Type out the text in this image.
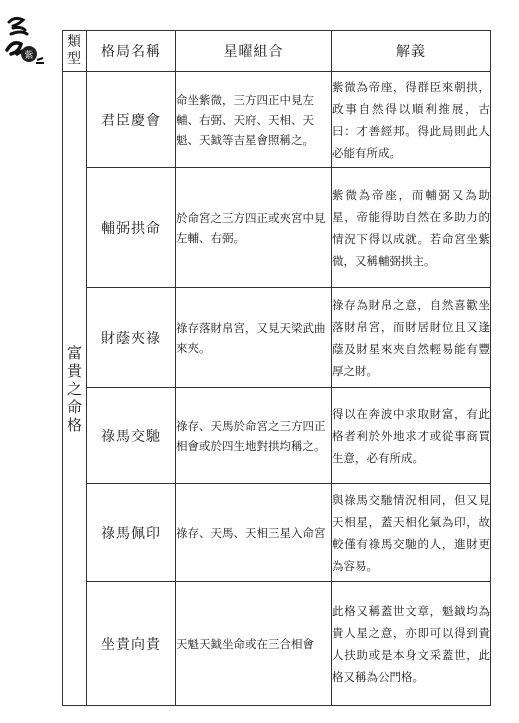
紫
類型	格局名稱	星曜組合	解義
富貴之命格	君臣慶會	命坐紫微，三方四正中見左輔、右弼、天府、天相、天魁、天鉞等吉星會照稱之。	紫微為帝座，得群臣來朝拱，政事自然得以順利推展，古曰：才善經邦。得此局則此人必能有所成。
	輔弼拱命	於命宮之三方四正或夾宮中見左輔、右弼。	紫微為帝座，而輔弼又為助星，帝能得助自然在多助力的情況下得以成就。若命宮坐紫微，又稱輔弼拱主。
	財蔭夾祿	祿存落財帛宮，又見天梁武曲來夾。	祿存為財帛之意，自然喜歡坐落財帛宮，而財居財位且又逢蔭及財星來夾自然輕易能有豐厚之財。
	祿馬交馳	祿存、天馬於命宮之三方四正相會或於四生地對拱均稱之。	得以在奔波中求取財富，有此格者利於外地求才或從事商買生意，必有所成。
	祿馬佩印	祿存、天馬、天相三星入命宮	與祿馬交馳情況相同，但又見天相星，蓋天相化氣為印，故較僅有祿馬交馳的人，進財更為容易。
	坐貴向貴	天魁天鉞坐命或在三合相會	此格又稱蓋世文章，魁鉞均為貴人星之意，亦即可以得到貴人扶助或是本身文采蓋世，此格又稱為公門格。
